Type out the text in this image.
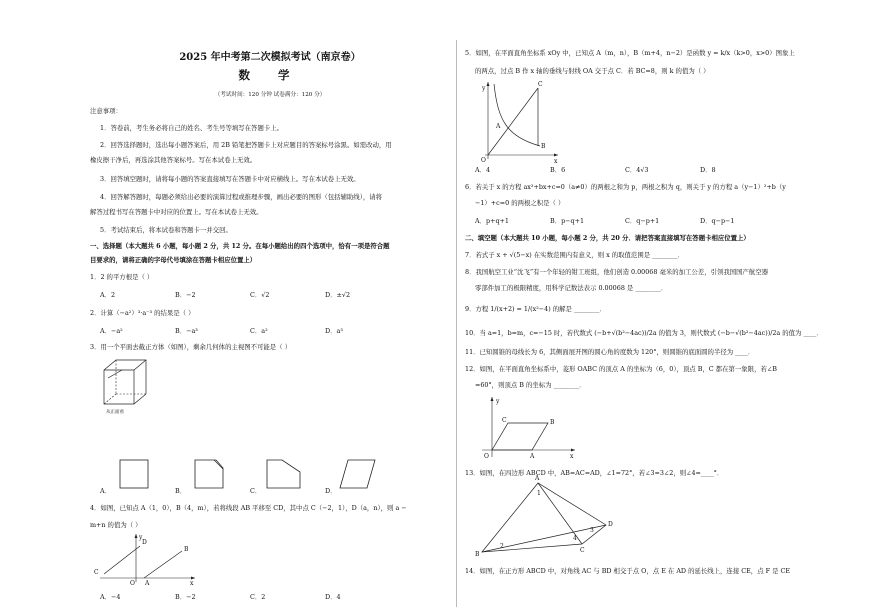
2025 年中考第二次模拟考试（南京卷）
数 学
（考试时间：120 分钟 试卷满分：120 分）
注意事项：
1．答卷前，考生务必将自己的姓名、考生号等填写在答题卡上。
2．回答选择题时，选出每小题答案后，用 2B 铅笔把答题卡上对应题目的答案标号涂黑。如需改动，用
橡皮擦干净后，再选涂其他答案标号。写在本试卷上无效。
3．回答填空题时，请将每小题的答案直接填写在答题卡中对应横线上。写在本试卷上无效。
4．回答解答题时，每题必须给出必要的演算过程或推理步骤，画出必要的图形（包括辅助线），请将
解答过程书写在答题卡中对应的位置上。写在本试卷上无效。
5．考试结束后，将本试卷和答题卡一并交回。
一、选择题（本大题共 6 小题，每小题 2 分，共 12 分。在每小题给出的四个选项中，恰有一项是符合题
目要求的，请将正确的字母代号填涂在答题卡相应位置上）
1．2 的平方根是（ ）
A．2	B．−2	C．√2	D．±√2
2．计算（−a²）³·a⁻³ 的结果是（ ）
A．−a²	B．−a³	C．a²	D．a³
3．用一个平面去截正方体（如图），剩余几何体的主视图不可能是（ ）
从正面看
A．	B．	C．	D．
4．如图，已知点 A（1，0），B（4，m），若将线段 AB 平移至 CD，其中点 C（−2，1），D（a，n），则 a −
m+n 的值为（ ）
D
B
C
O A	x
y
A．−4	B．−2	C．2	D．4
5．如图，在平面直角坐标系 xOy 中，已知点 A（m，n），B（m+4，n−2）是函数 y = k/x（k>0，x>0）图象上
的两点，过点 B 作 x 轴的垂线与射线 OA 交于点 C．若 BC=8，则 k 的值为（ ）
y
C
A
B
O	x
A．4	B．6	C．4√3	D．8
6．若关于 x 的方程 ax²+bx+c=0（a≠0）的两根之和为 p，两根之积为 q，则关于 y 的方程 a（y−1）²+b（y
−1）+c=0 的两根之积是（ ）
A．p+q+1	B．p−q+1	C．q−p+1	D．q−p−1
二、填空题（本大题共 10 小题，每小题 2 分，共 20 分．请把答案直接填写在答题卡相应位置上）
7．若式子 x + √(5−x) 在实数范围内有意义，则 x 的取值范围是 ________．
8．我国航空工业“沈飞”有一个年轻的钳工班组，他们创造 0.00068 毫米的加工公差，引领我国国产航空器
零部件加工的极限精度，用科学记数法表示 0.00068 是 ________．
9．方程 1/(x+2) = 1/(x²−4) 的解是 ________．
10．当 a=1，b=m，c=−15 时，若代数式 (−b+√(b²−4ac))/2a 的值为 3，则代数式 (−b−√(b²−4ac))/2a 的值为 ____．
11．已知圆锥的母线长为 6，其侧面展开图的圆心角的度数为 120°，则圆锥的底面圆的半径为 ____．
12．如图，在平面直角坐标系中，菱形 OABC 的顶点 A 的坐标为（6，0），顶点 B，C 都在第一象限，若∠B
=60°，则顶点 B 的坐标为 ________．
y
C	B
O	A	x
13．如图，在四边形 ABCD 中，AB=AC=AD，∠1=72°，若∠3=3∠2，则∠4=____°．
A
1
B
2
D
3
4
C
14．如图，在正方形 ABCD 中，对角线 AC 与 BD 相交于点 O，点 E 在 AD 的延长线上，连接 CE，点 F 是 CE
